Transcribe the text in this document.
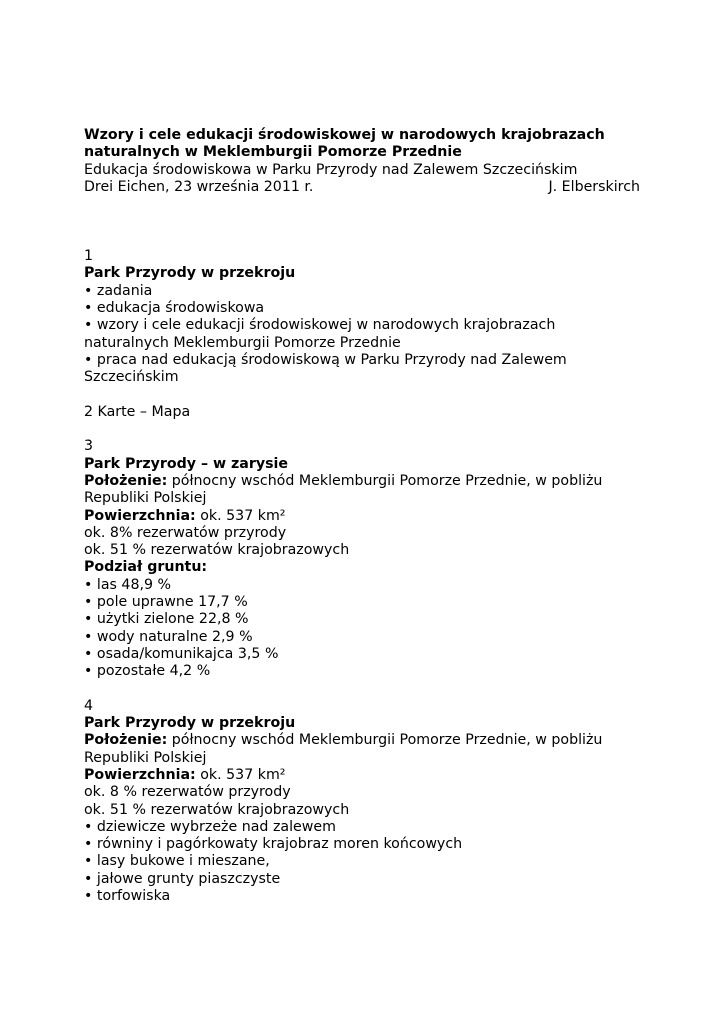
Wzory i cele edukacji środowiskowej w narodowych krajobrazach
naturalnych w Meklemburgii Pomorze Przednie
Edukacja środowiskowa w Parku Przyrody nad Zalewem Szczecińskim
Drei Eichen, 23 września 2011 r.	J. Elberskirch
1
Park Przyrody w przekroju
• zadania
• edukacja środowiskowa
• wzory i cele edukacji środowiskowej w narodowych krajobrazach naturalnych Meklemburgii Pomorze Przednie
• praca nad edukacją środowiskową w Parku Przyrody nad Zalewem Szczecińskim
2 Karte – Mapa
3
Park Przyrody – w zarysie
Położenie: północny wschód Meklemburgii Pomorze Przednie, w pobliżu Republiki Polskiej
Powierzchnia: ok. 537 km²
ok. 8% rezerwatów przyrody
ok. 51 % rezerwatów krajobrazowych
Podział gruntu:
• las 48,9 %
• pole uprawne 17,7 %
• użytki zielone 22,8 %
• wody naturalne 2,9 %
• osada/komunikajca 3,5 %
• pozostałe 4,2 %
4
Park Przyrody w przekroju
Położenie: północny wschód Meklemburgii Pomorze Przednie, w pobliżu Republiki Polskiej
Powierzchnia: ok. 537 km²
ok. 8 % rezerwatów przyrody
ok. 51 % rezerwatów krajobrazowych
• dziewicze wybrzeże nad zalewem
• równiny i pagórkowaty krajobraz moren końcowych
• lasy bukowe i mieszane,
• jałowe grunty piaszczyste
• torfowiska
